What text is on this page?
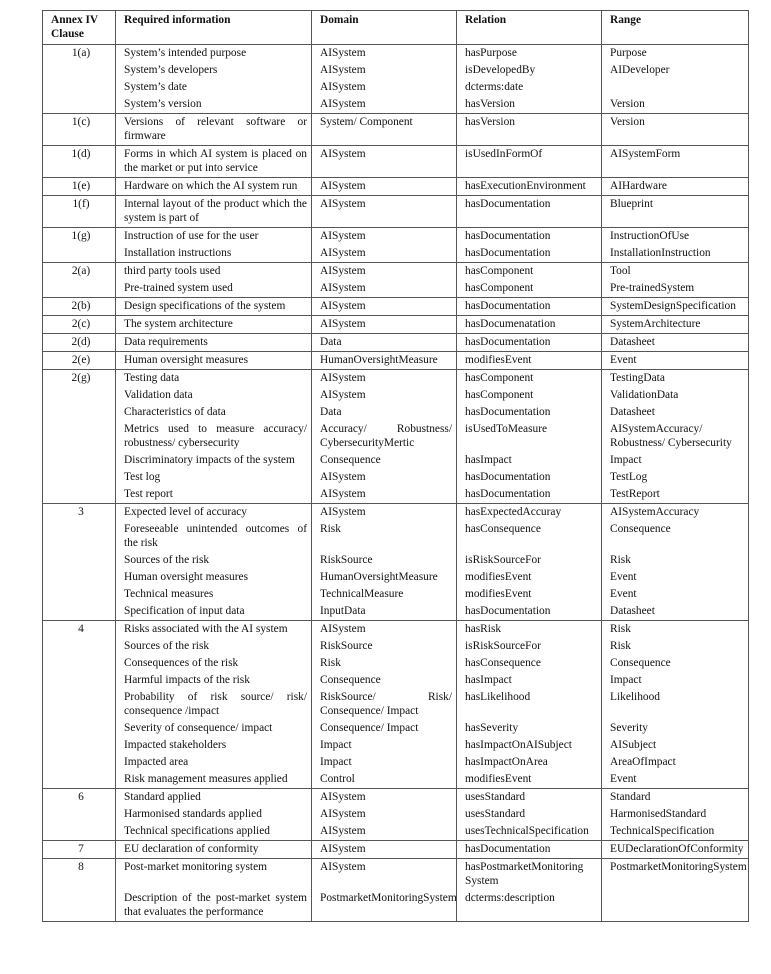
Annex IV Clause	Required information	Domain	Relation	Range
1(a)	System’s intended purpose	AISystem	hasPurpose	Purpose
	System’s developers	AISystem	isDevelopedBy	AIDeveloper
	System’s date	AISystem	dcterms:date	
	System’s version	AISystem	hasVersion	Version
1(c)	Versions of relevant software or firmware	System/ Component	hasVersion	Version
1(d)	Forms in which AI system is placed on the market or put into service	AISystem	isUsedInFormOf	AISystemForm
1(e)	Hardware on which the AI system run	AISystem	hasExecutionEnvironment	AIHardware
1(f)	Internal layout of the product which the system is part of	AISystem	hasDocumentation	Blueprint
1(g)	Instruction of use for the user	AISystem	hasDocumentation	InstructionOfUse
	Installation instructions	AISystem	hasDocumentation	InstallationInstruction
2(a)	third party tools used	AISystem	hasComponent	Tool
	Pre-trained system used	AISystem	hasComponent	Pre-trainedSystem
2(b)	Design specifications of the system	AISystem	hasDocumentation	SystemDesignSpecification
2(c)	The system architecture	AISystem	hasDocumenatation	SystemArchitecture
2(d)	Data requirements	Data	hasDocumentation	Datasheet
2(e)	Human oversight measures	HumanOversightMeasure	modifiesEvent	Event
2(g)	Testing data	AISystem	hasComponent	TestingData
	Validation data	AISystem	hasComponent	ValidationData
	Characteristics of data	Data	hasDocumentation	Datasheet
	Metrics used to measure accuracy/ robustness/ cybersecurity	Accuracy/ Robustness/ CybersecurityMertic	isUsedToMeasure	AISystemAccuracy/ Robustness/ Cybersecurity
	Discriminatory impacts of the system	Consequence	hasImpact	Impact
	Test log	AISystem	hasDocumentation	TestLog
	Test report	AISystem	hasDocumentation	TestReport
3	Expected level of accuracy	AISystem	hasExpectedAccuray	AISystemAccuracy
	Foreseeable unintended outcomes of the risk	Risk	hasConsequence	Consequence
	Sources of the risk	RiskSource	isRiskSourceFor	Risk
	Human oversight measures	HumanOversightMeasure	modifiesEvent	Event
	Technical measures	TechnicalMeasure	modifiesEvent	Event
	Specification of input data	InputData	hasDocumentation	Datasheet
4	Risks associated with the AI system	AISystem	hasRisk	Risk
	Sources of the risk	RiskSource	isRiskSourceFor	Risk
	Consequences of the risk	Risk	hasConsequence	Consequence
	Harmful impacts of the risk	Consequence	hasImpact	Impact
	Probability of risk source/ risk/ consequence /impact	RiskSource/ Risk/ Consequence/ Impact	hasLikelihood	Likelihood
	Severity of consequence/ impact	Consequence/ Impact	hasSeverity	Severity
	Impacted stakeholders	Impact	hasImpactOnAISubject	AISubject
	Impacted area	Impact	hasImpactOnArea	AreaOfImpact
	Risk management measures applied	Control	modifiesEvent	Event
6	Standard applied	AISystem	usesStandard	Standard
	Harmonised standards applied	AISystem	usesStandard	HarmonisedStandard
	Technical specifications applied	AISystem	usesTechnicalSpecification	TechnicalSpecification
7	EU declaration of conformity	AISystem	hasDocumentation	EUDeclarationOfConformity
8	Post-market monitoring system	AISystem	hasPostmarketMonitoring System	PostmarketMonitoringSystem
	Description of the post-market system that evaluates the performance	PostmarketMonitoringSystem	dcterms:description	
